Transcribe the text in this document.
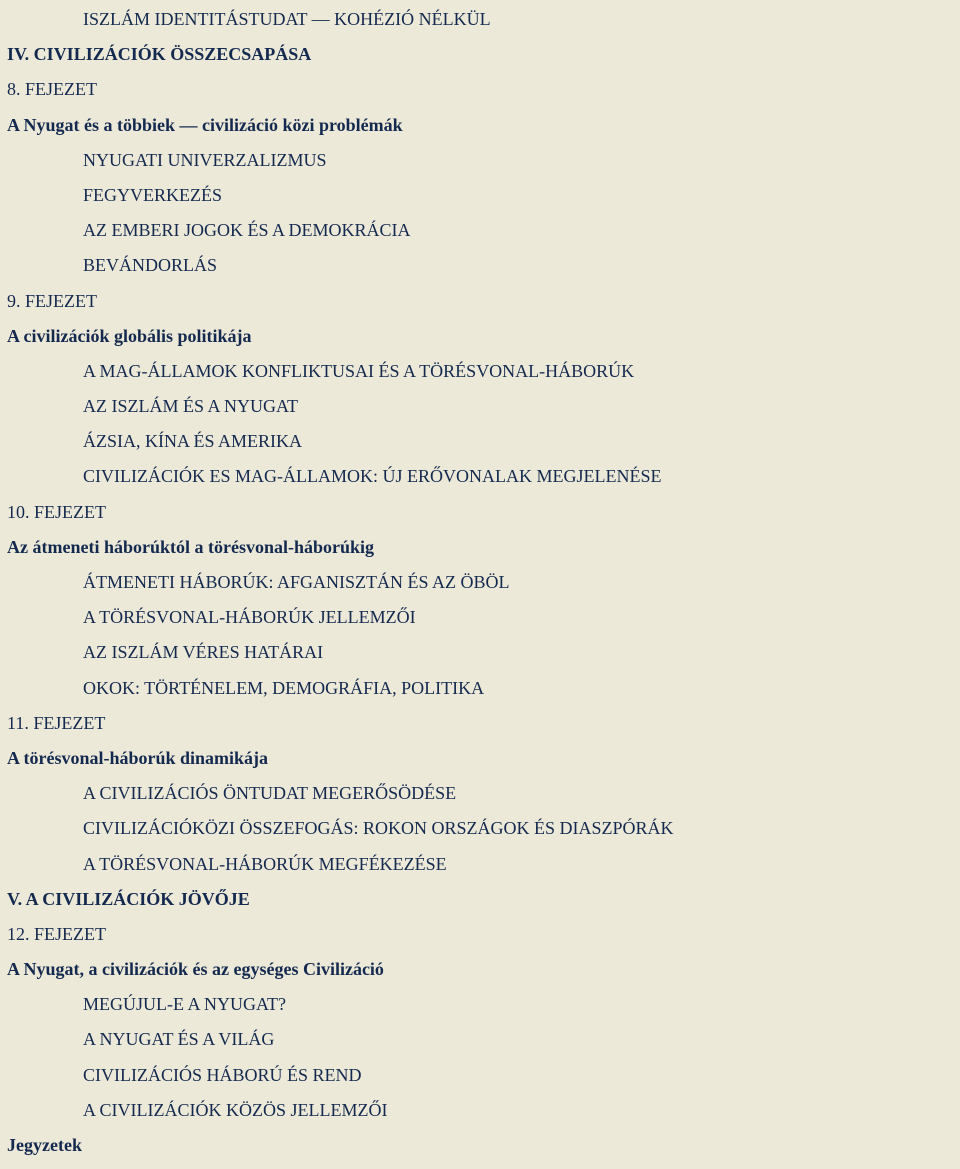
ISZLÁM IDENTITÁSTUDAT — KOHÉZIÓ NÉLKÜL
IV. CIVILIZÁCIÓK ÖSSZECSAPÁSA
8. FEJEZET
A Nyugat és a többiek — civilizáció közi problémák
NYUGATI UNIVERZALIZMUS
FEGYVERKEZÉS
AZ EMBERI JOGOK ÉS A DEMOKRÁCIA
BEVÁNDORLÁS
9. FEJEZET
A civilizációk globális politikája
A MAG-ÁLLAMOK KONFLIKTUSAI ÉS A TÖRÉSVONAL-HÁBORÚK
AZ ISZLÁM ÉS A NYUGAT
ÁZSIA, KÍNA ÉS AMERIKA
CIVILIZÁCIÓK ES MAG-ÁLLAMOK: ÚJ ERŐVONALAK MEGJELENÉSE
10. FEJEZET
Az átmeneti háborúktól a törésvonal-háborúkig
ÁTMENETI HÁBORÚK: AFGANISZTÁN ÉS AZ ÖBÖL
A TÖRÉSVONAL-HÁBORÚK JELLEMZŐI
AZ ISZLÁM VÉRES HATÁRAI
OKOK: TÖRTÉNELEM, DEMOGRÁFIA, POLITIKA
11. FEJEZET
A törésvonal-háborúk dinamikája
A CIVILIZÁCIÓS ÖNTUDAT MEGERŐSÖDÉSE
CIVILIZÁCIÓKÖZI ÖSSZEFOGÁS: ROKON ORSZÁGOK ÉS DIASZPÓRÁK
A TÖRÉSVONAL-HÁBORÚK MEGFÉKEZÉSE
V. A CIVILIZÁCIÓK JÖVŐJE
12. FEJEZET
A Nyugat, a civilizációk és az egységes Civilizáció
MEGÚJUL-E A NYUGAT?
A NYUGAT ÉS A VILÁG
CIVILIZÁCIÓS HÁBORÚ ÉS REND
A CIVILIZÁCIÓK KÖZÖS JELLEMZŐI
Jegyzetek
